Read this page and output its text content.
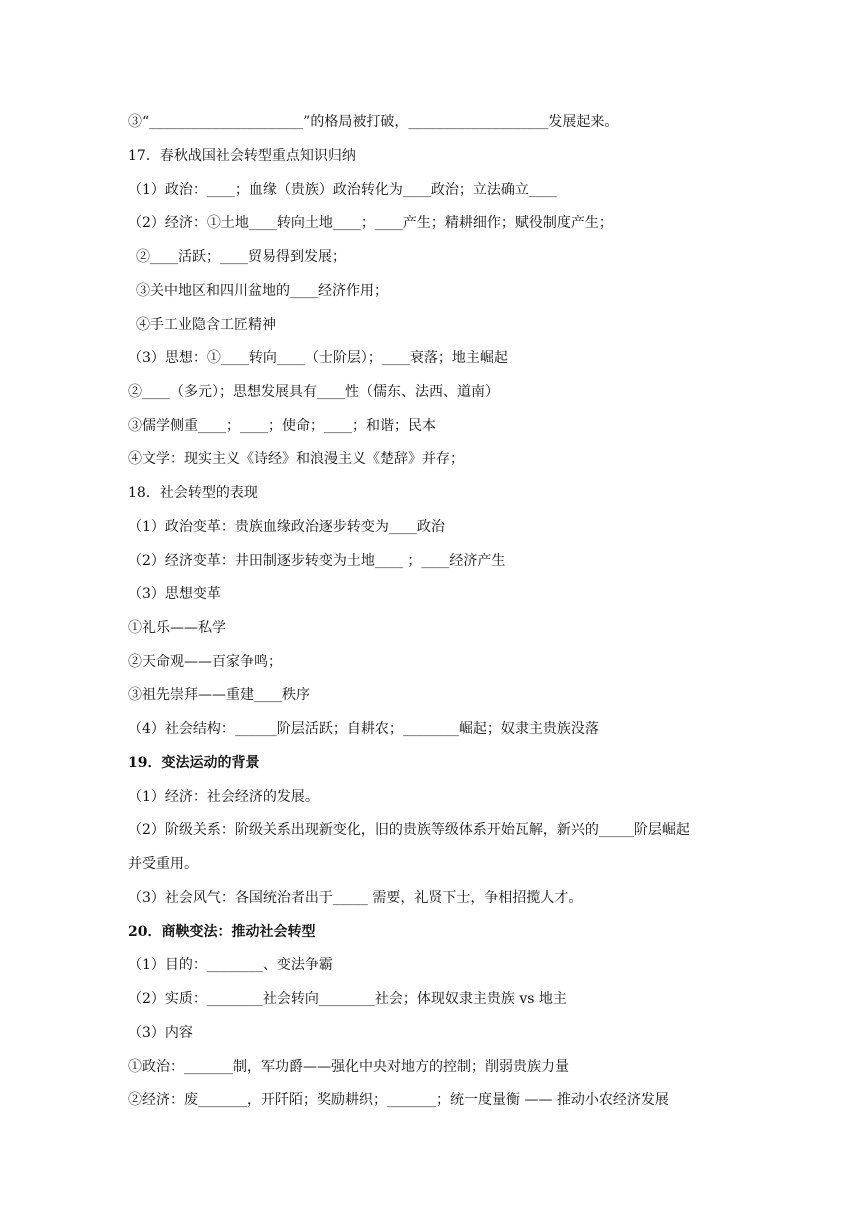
③“______________________”的格局被打破，____________________发展起来。
17．春秋战国社会转型重点知识归纳
（1）政治：____；血缘（贵族）政治转化为____政治；立法确立____
（2）经济：①土地____转向土地____；____产生；精耕细作；赋役制度产生；
②____活跃；____贸易得到发展；
③关中地区和四川盆地的____经济作用；
④手工业隐含工匠精神
（3）思想：①____转向____（士阶层）；____衰落；地主崛起
②____（多元）；思想发展具有____性（儒东、法西、道南）
③儒学侧重____；____；使命；____；和谐；民本
④文学：现实主义《诗经》和浪漫主义《楚辞》并存；
18．社会转型的表现
（1）政治变革：贵族血缘政治逐步转变为____政治
（2）经济变革：井田制逐步转变为土地____ ；____经济产生
（3）思想变革
①礼乐——私学
②天命观——百家争鸣；
③祖先崇拜——重建____秩序
（4）社会结构：______阶层活跃；自耕农；________崛起；奴隶主贵族没落
19．变法运动的背景
（1）经济：社会经济的发展。
（2）阶级关系：阶级关系出现新变化，旧的贵族等级体系开始瓦解，新兴的_____阶层崛起
并受重用。
（3）社会风气：各国统治者出于_____ 需要，礼贤下士，争相招揽人才。
20．商鞅变法：推动社会转型
（1）目的：________、变法争霸
（2）实质：________社会转向________社会；体现奴隶主贵族 vs 地主
（3）内容
①政治：_______制，军功爵——强化中央对地方的控制；削弱贵族力量
②经济：废_______，开阡陌；奖励耕织；_______；统一度量衡 —— 推动小农经济发展
